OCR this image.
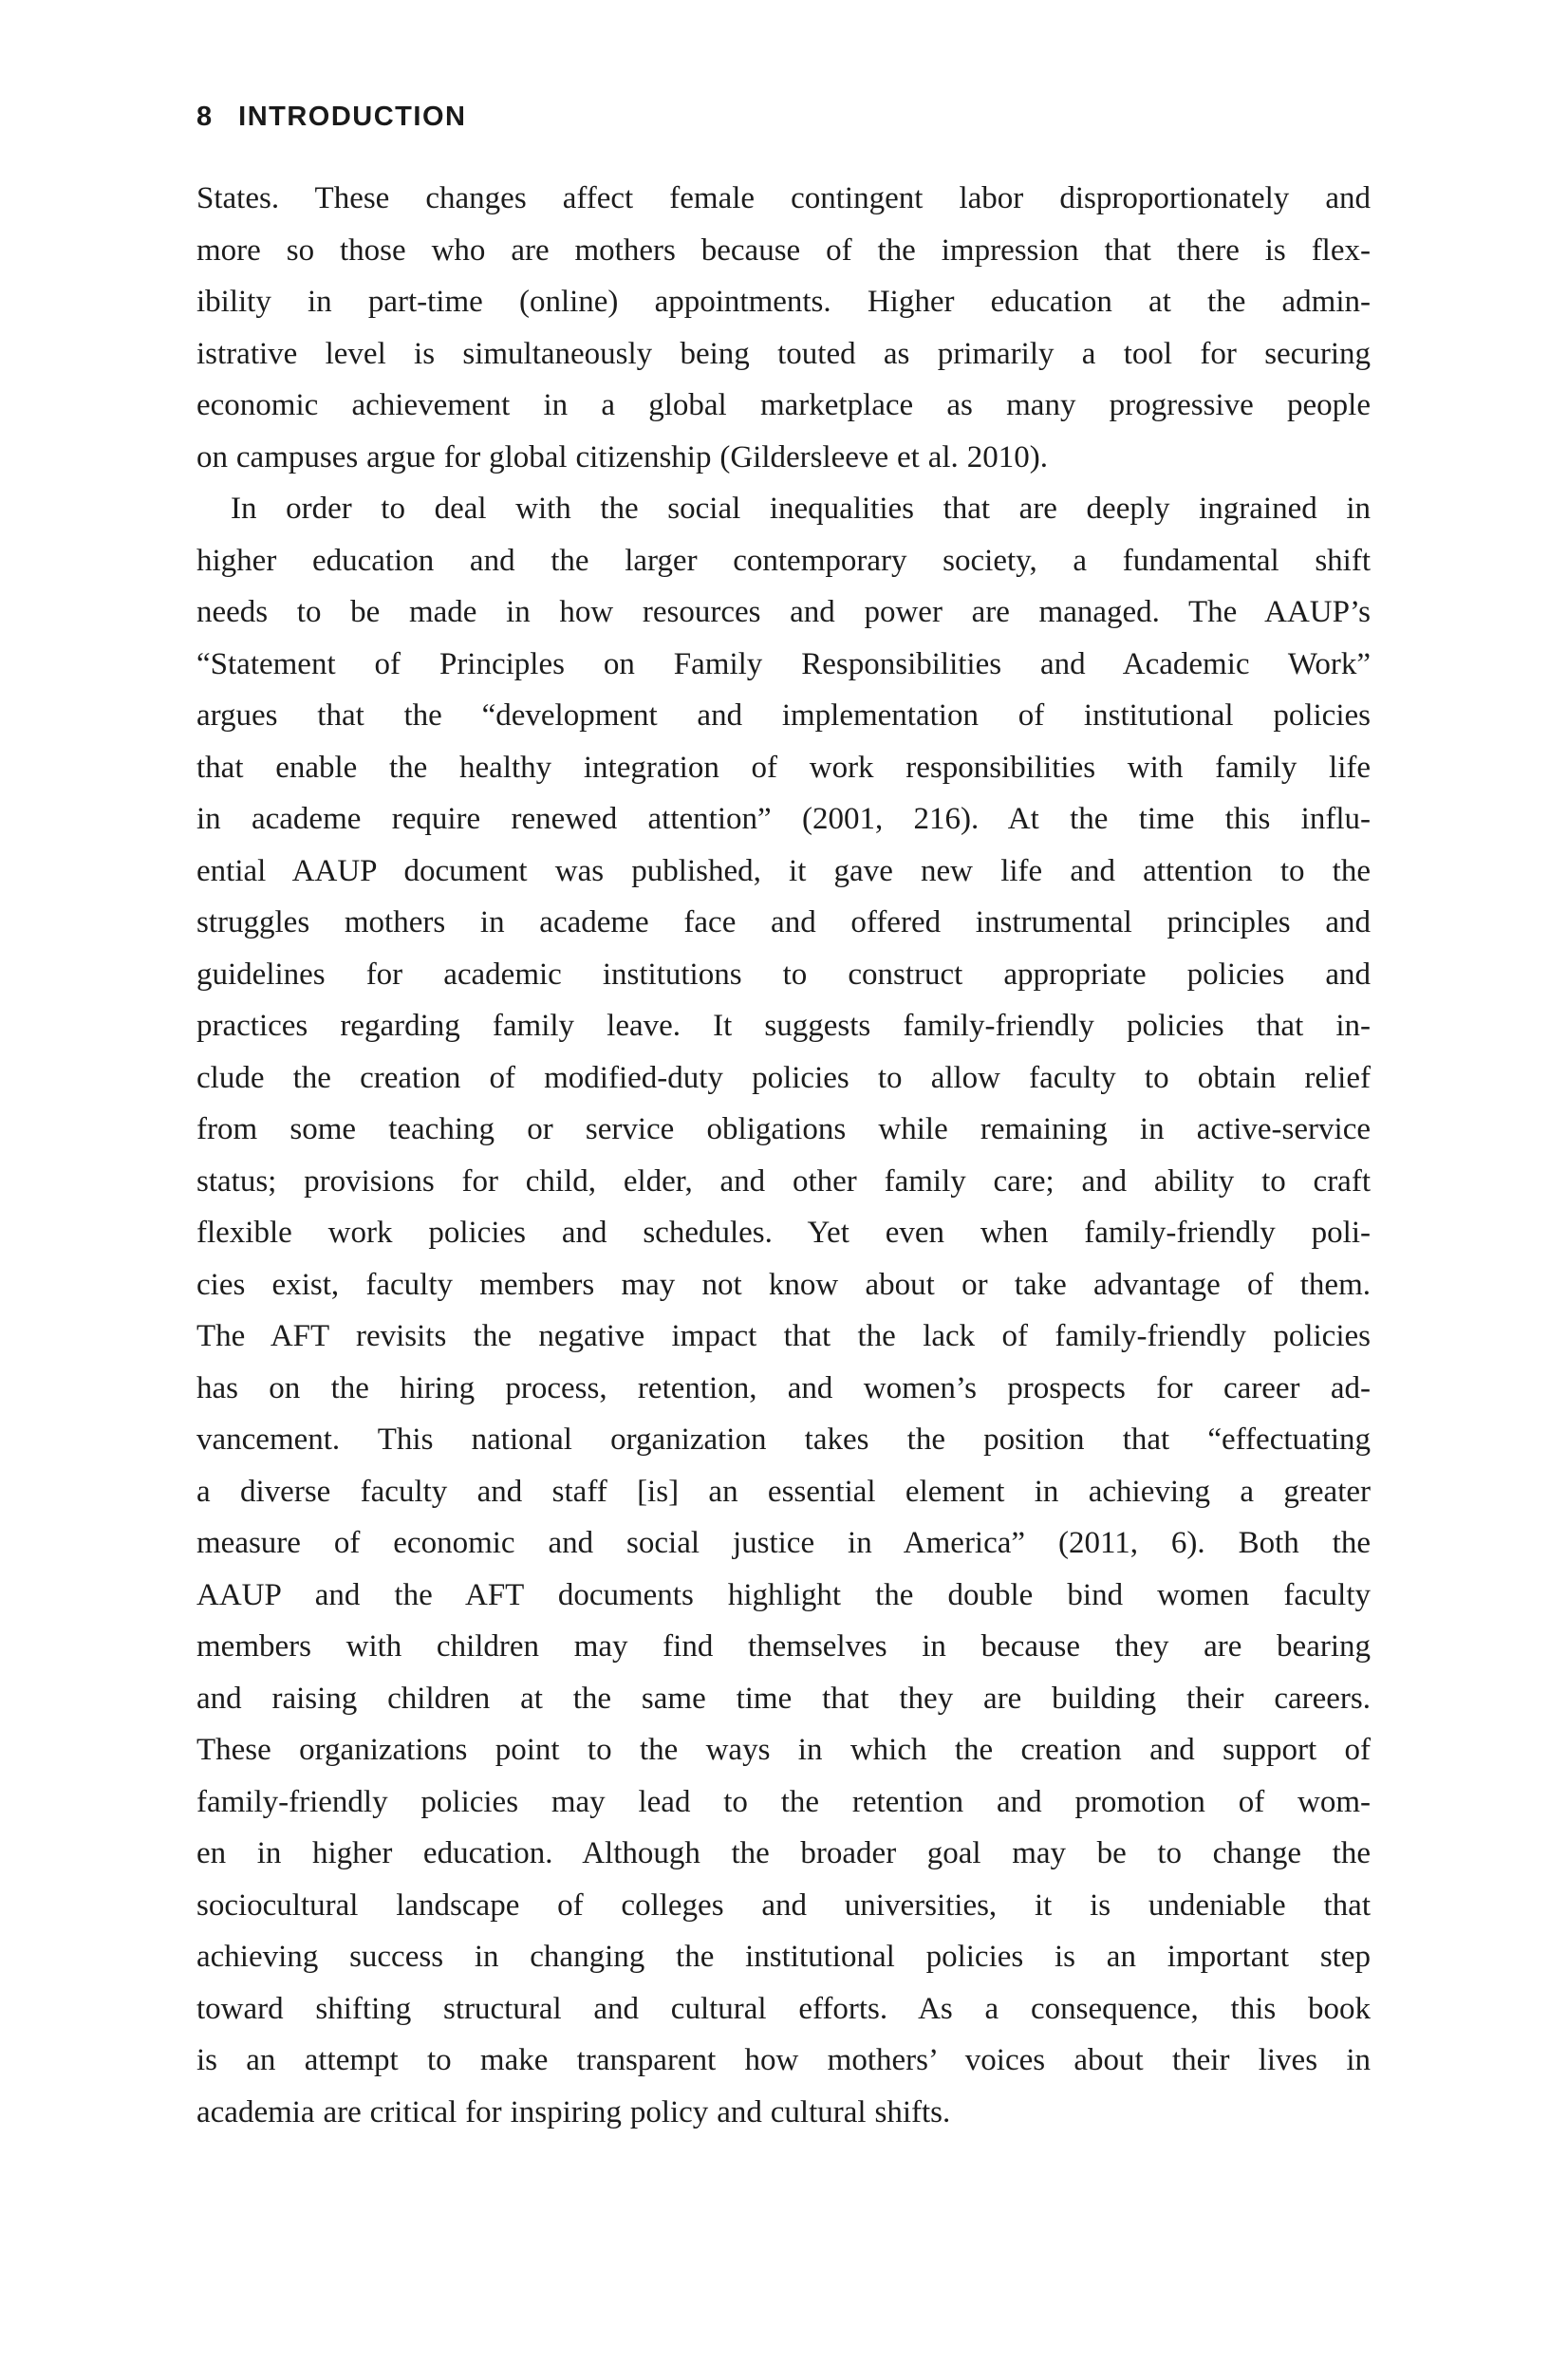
8 INTRODUCTION
States. These changes affect female contingent labor disproportionately and
more so those who are mothers because of the impression that there is flex-
ibility in part-time (online) appointments. Higher education at the admin-
istrative level is simultaneously being touted as primarily a tool for securing
economic achievement in a global marketplace as many progressive people
on campuses argue for global citizenship (Gildersleeve et al. 2010).
In order to deal with the social inequalities that are deeply ingrained in
higher education and the larger contemporary society, a fundamental shift
needs to be made in how resources and power are managed. The AAUP’s
“Statement of Principles on Family Responsibilities and Academic Work”
argues that the “development and implementation of institutional policies
that enable the healthy integration of work responsibilities with family life
in academe require renewed attention” (2001, 216). At the time this influ-
ential AAUP document was published, it gave new life and attention to the
struggles mothers in academe face and offered instrumental principles and
guidelines for academic institutions to construct appropriate policies and
practices regarding family leave. It suggests family-friendly policies that in-
clude the creation of modified-duty policies to allow faculty to obtain relief
from some teaching or service obligations while remaining in active-service
status; provisions for child, elder, and other family care; and ability to craft
flexible work policies and schedules. Yet even when family-friendly poli-
cies exist, faculty members may not know about or take advantage of them.
The AFT revisits the negative impact that the lack of family-friendly policies
has on the hiring process, retention, and women’s prospects for career ad-
vancement. This national organization takes the position that “effectuating
a diverse faculty and staff [is] an essential element in achieving a greater
measure of economic and social justice in America” (2011, 6). Both the
AAUP and the AFT documents highlight the double bind women faculty
members with children may find themselves in because they are bearing
and raising children at the same time that they are building their careers.
These organizations point to the ways in which the creation and support of
family-friendly policies may lead to the retention and promotion of wom-
en in higher education. Although the broader goal may be to change the
sociocultural landscape of colleges and universities, it is undeniable that
achieving success in changing the institutional policies is an important step
toward shifting structural and cultural efforts. As a consequence, this book
is an attempt to make transparent how mothers’ voices about their lives in
academia are critical for inspiring policy and cultural shifts.
